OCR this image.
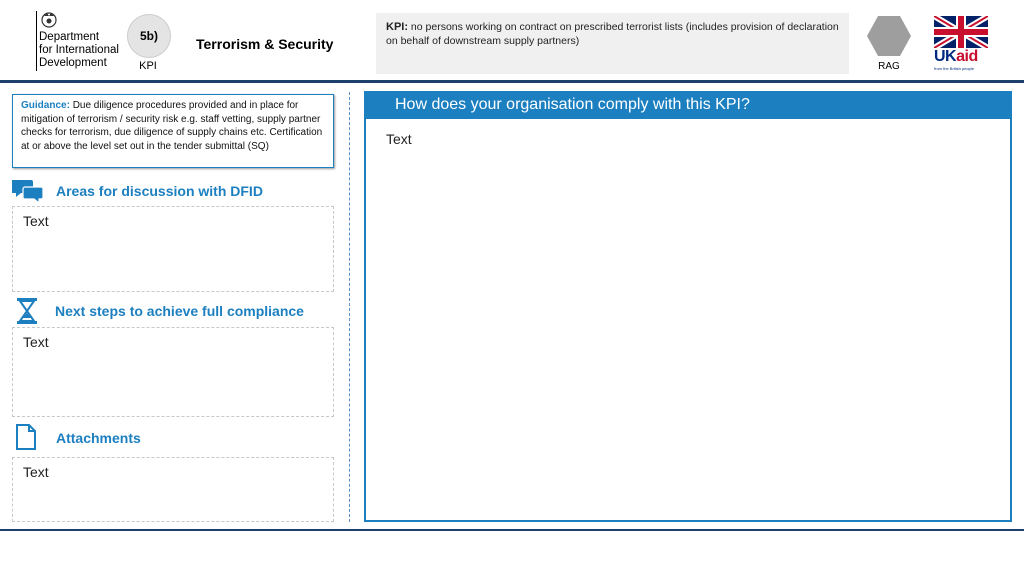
Department
for International
Development
5b)
KPI
Terrorism & Security
KPI: no persons working on contract on prescribed terrorist lists (includes provision of declaration on behalf of downstream supply partners)
RAG
UKaid
from the British people
Guidance: Due diligence procedures provided and in place for mitigation of terrorism / security risk e.g. staff vetting, supply partner checks for terrorism, due diligence of supply chains etc. Certification at or above the level set out in the tender submittal (SQ)
Areas for discussion with DFID
Text
Next steps to achieve full compliance
Text
Attachments
Text
How does your organisation comply with this KPI?
Text
